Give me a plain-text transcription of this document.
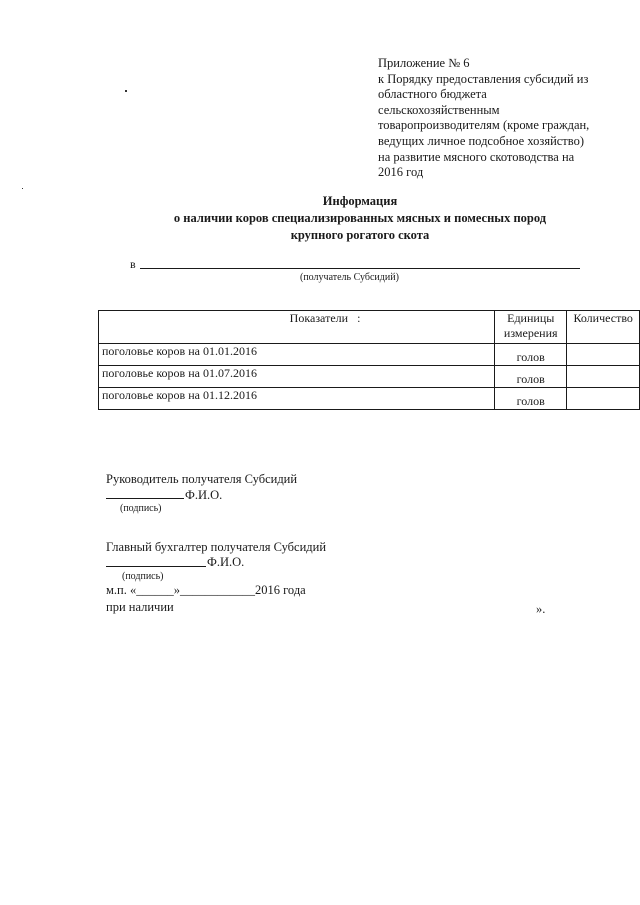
Приложение № 6
к Порядку предоставления субсидий из
областного бюджета
сельскохозяйственным
товаропроизводителям (кроме граждан,
ведущих личное подсобное хозяйство)
на развитие мясного скотоводства на
2016 год
Информация
о наличии коров специализированных мясных и помесных пород
крупного рогатого скота
в
(получатель Субсидий)
Показатели :	Единицы измерения	Количество
поголовье коров на 01.01.2016	голов	
поголовье коров на 01.07.2016	голов	
поголовье коров на 01.12.2016	голов	
Руководитель получателя Субсидий
Ф.И.О.
(подпись)
Главный бухгалтер получателя Субсидий
Ф.И.О.
(подпись)
м.п. «______»____________2016 года
при наличии	».
